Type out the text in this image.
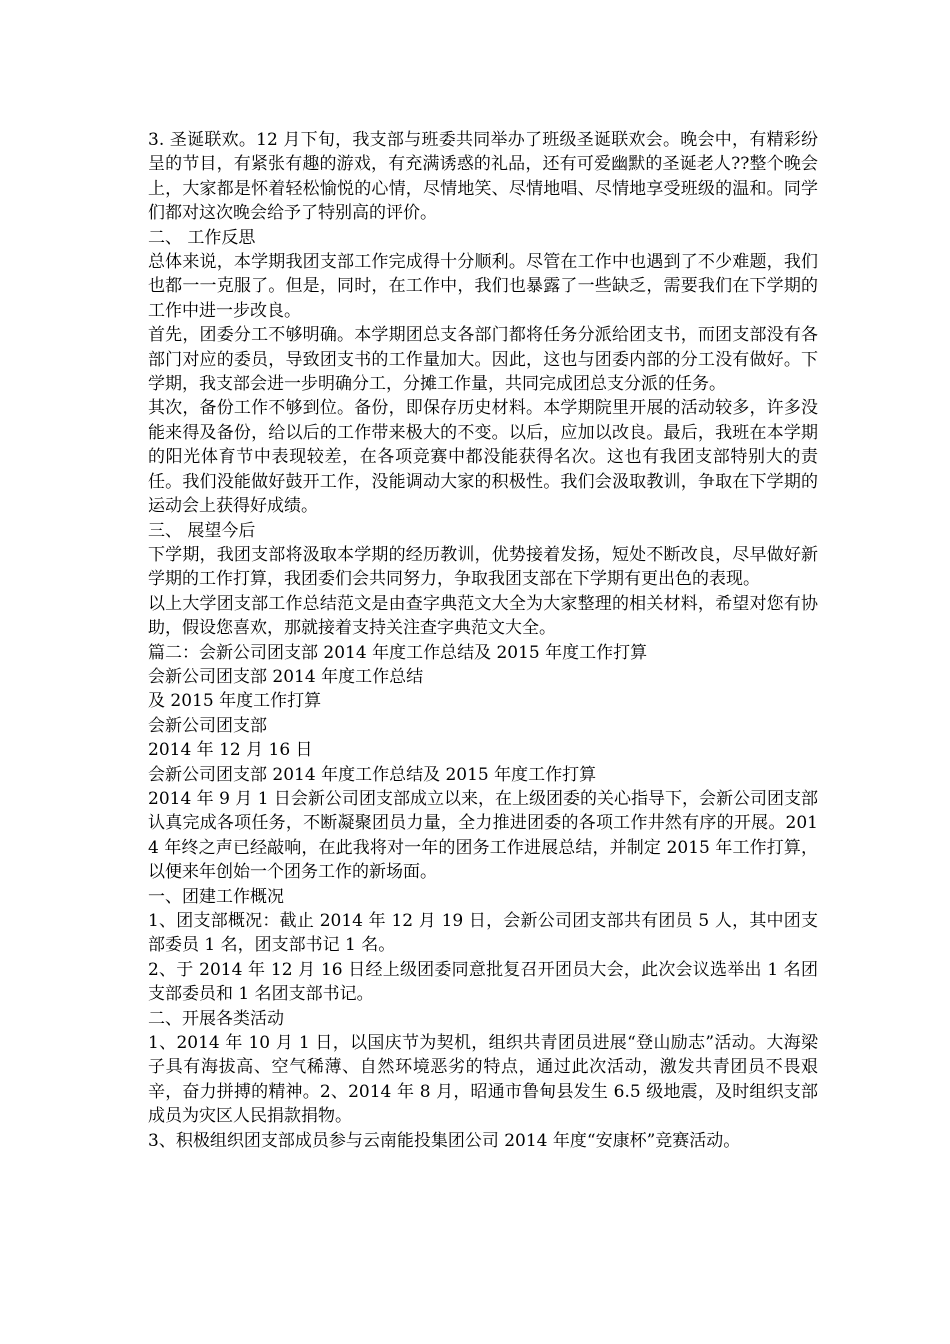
3. 圣诞联欢。12 月下旬，我支部与班委共同举办了班级圣诞联欢会。晚会中，有精彩纷呈的节目，有紧张有趣的游戏，有充满诱惑的礼品，还有可爱幽默的圣诞老人??整个晚会上，大家都是怀着轻松愉悦的心情，尽情地笑、尽情地唱、尽情地享受班级的温和。同学们都对这次晚会给予了特别高的评价。

二、 工作反思

总体来说，本学期我团支部工作完成得十分顺利。尽管在工作中也遇到了不少难题，我们也都一一克服了。但是，同时，在工作中，我们也暴露了一些缺乏，需要我们在下学期的工作中进一步改良。

首先，团委分工不够明确。本学期团总支各部门都将任务分派给团支书，而团支部没有各部门对应的委员，导致团支书的工作量加大。因此，这也与团委内部的分工没有做好。下学期，我支部会进一步明确分工，分摊工作量，共同完成团总支分派的任务。

其次，备份工作不够到位。备份，即保存历史材料。本学期院里开展的活动较多，许多没能来得及备份，给以后的工作带来极大的不变。以后，应加以改良。最后，我班在本学期的阳光体育节中表现较差，在各项竞赛中都没能获得名次。这也有我团支部特别大的责任。我们没能做好鼓开工作，没能调动大家的积极性。我们会汲取教训，争取在下学期的运动会上获得好成绩。

三、 展望今后

下学期，我团支部将汲取本学期的经历教训，优势接着发扬，短处不断改良，尽早做好新学期的工作打算，我团委们会共同努力，争取我团支部在下学期有更出色的表现。

以上大学团支部工作总结范文是由查字典范文大全为大家整理的相关材料，希望对您有协助，假设您喜欢，那就接着支持关注查字典范文大全。

篇二：会新公司团支部 2014 年度工作总结及 2015 年度工作打算

会新公司团支部 2014 年度工作总结

及 2015 年度工作打算

会新公司团支部

2014 年 12 月 16 日

会新公司团支部 2014 年度工作总结及 2015 年度工作打算

2014 年 9 月 1 日会新公司团支部成立以来，在上级团委的关心指导下，会新公司团支部认真完成各项任务，不断凝聚团员力量，全力推进团委的各项工作井然有序的开展。2014 年终之声已经敲响，在此我将对一年的团务工作进展总结，并制定 2015 年工作打算，以便来年创始一个团务工作的新场面。

一、团建工作概况

1、团支部概况：截止 2014 年 12 月 19 日，会新公司团支部共有团员 5 人，其中团支部委员 1 名，团支部书记 1 名。

2、于 2014 年 12 月 16 日经上级团委同意批复召开团员大会，此次会议选举出 1 名团支部委员和 1 名团支部书记。

二、开展各类活动

1、2014 年 10 月 1 日，以国庆节为契机，组织共青团员进展“登山励志”活动。大海梁子具有海拔高、空气稀薄、自然环境恶劣的特点，通过此次活动，激发共青团员不畏艰辛，奋力拼搏的精神。2、2014 年 8 月，昭通市鲁甸县发生 6.5 级地震，及时组织支部成员为灾区人民捐款捐物。

3、积极组织团支部成员参与云南能投集团公司 2014 年度“安康杯”竞赛活动。
